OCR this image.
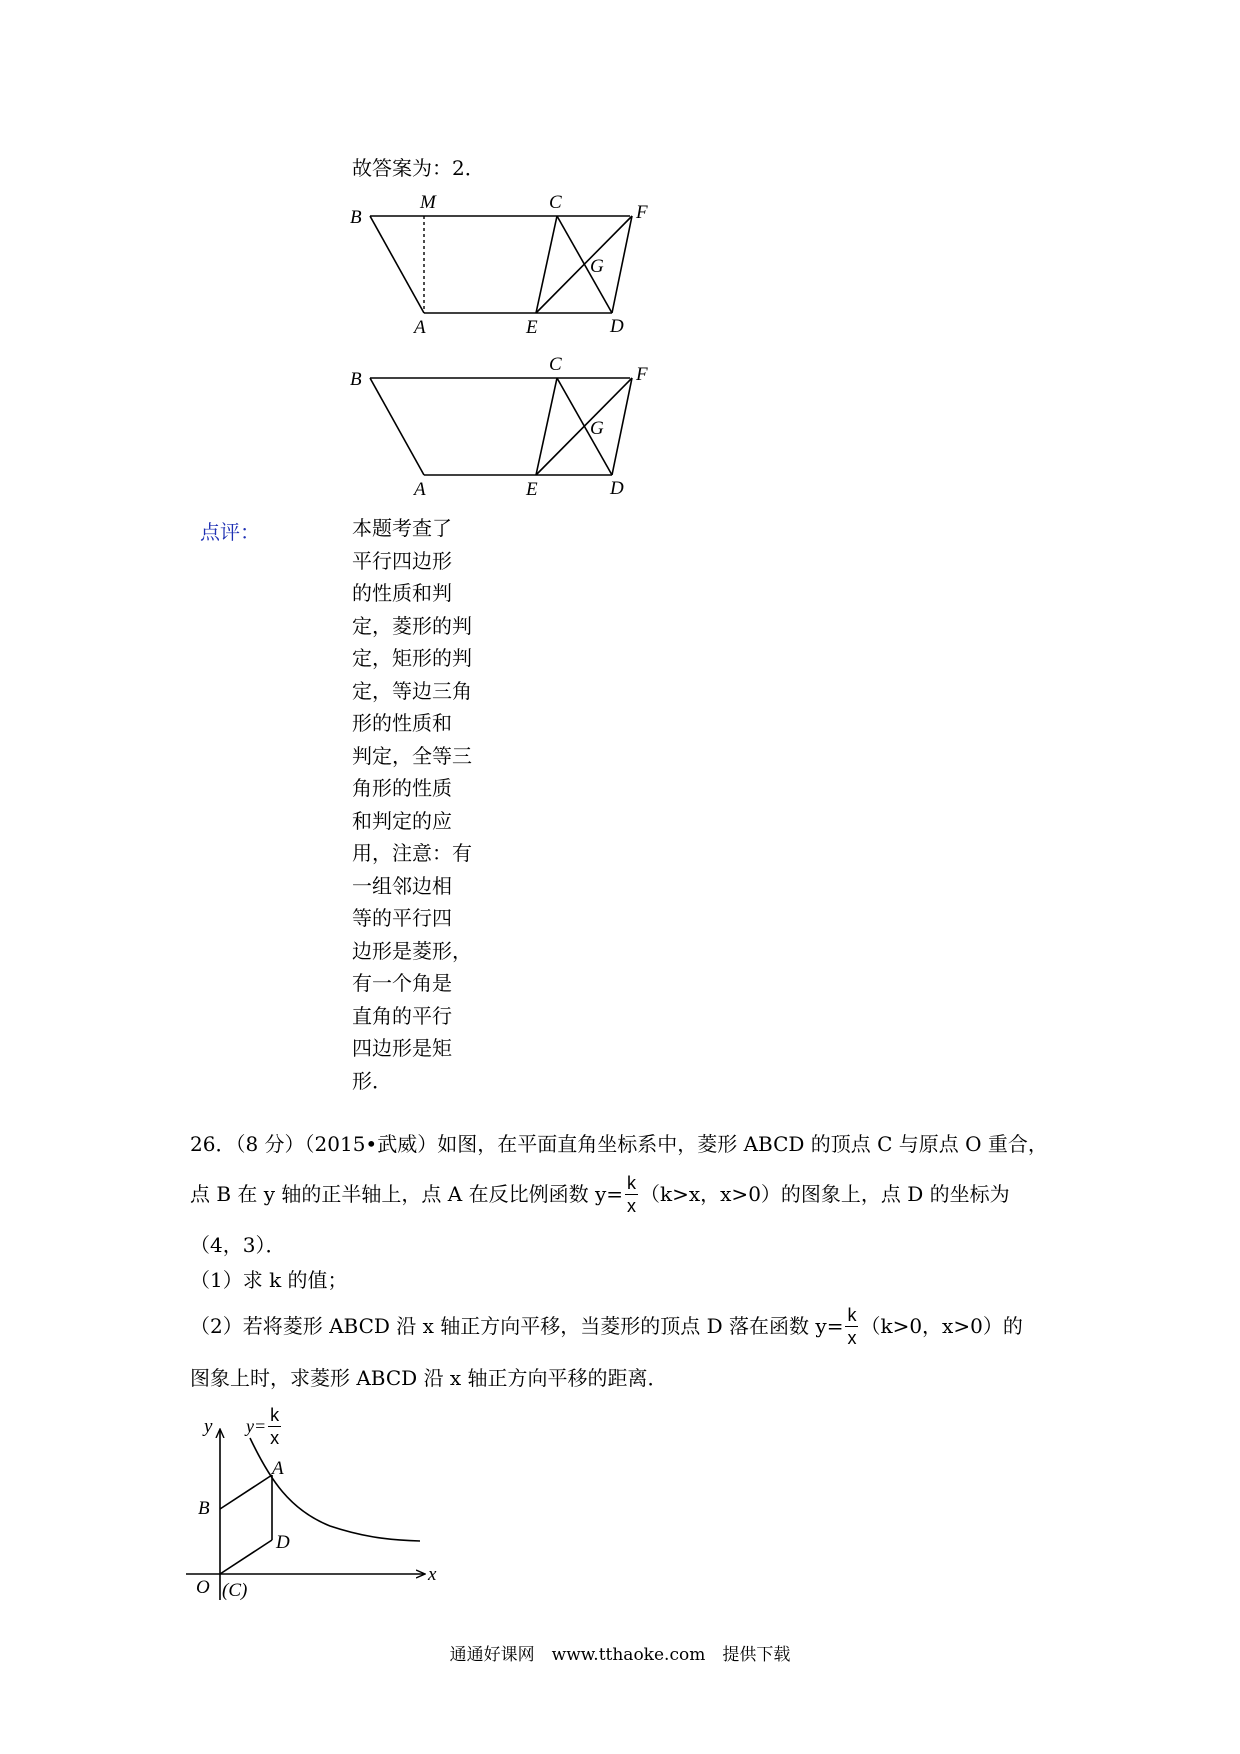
故答案为：2．
B
M	C	F
G
A	E	D
B
C	F
G
A	E	D
点评：	本题考查了
平行四边形
的性质和判
定，菱形的判
定，矩形的判
定，等边三角
形的性质和
判定，全等三
角形的性质
和判定的应
用，注意：有
一组邻边相
等的平行四
边形是菱形，
有一个角是
直角的平行
四边形是矩
形．
26．（8 分）（2015•武威）如图，在平面直角坐标系中，菱形 ABCD 的顶点 C 与原点 O 重合，
点 B 在 y 轴的正半轴上，点 A 在反比例函数 $y= \frac{k}{x} (k>x$，x>0）的图象上，点 D 的坐标为
（4，3）．
（1）求 k 的值；
（2）若将菱形 ABCD 沿 x 轴正方向平移，当菱形的顶点 D 落在函数 $y= \frac{k}{x} (k>0$，x>0）的
图象上时，求菱形 ABCD 沿 x 轴正方向平移的距离．
y
x
O (C)
B
A
D
$y= \frac{k}{x}$
通通好课网　www.tthaoke.com　提供下载
